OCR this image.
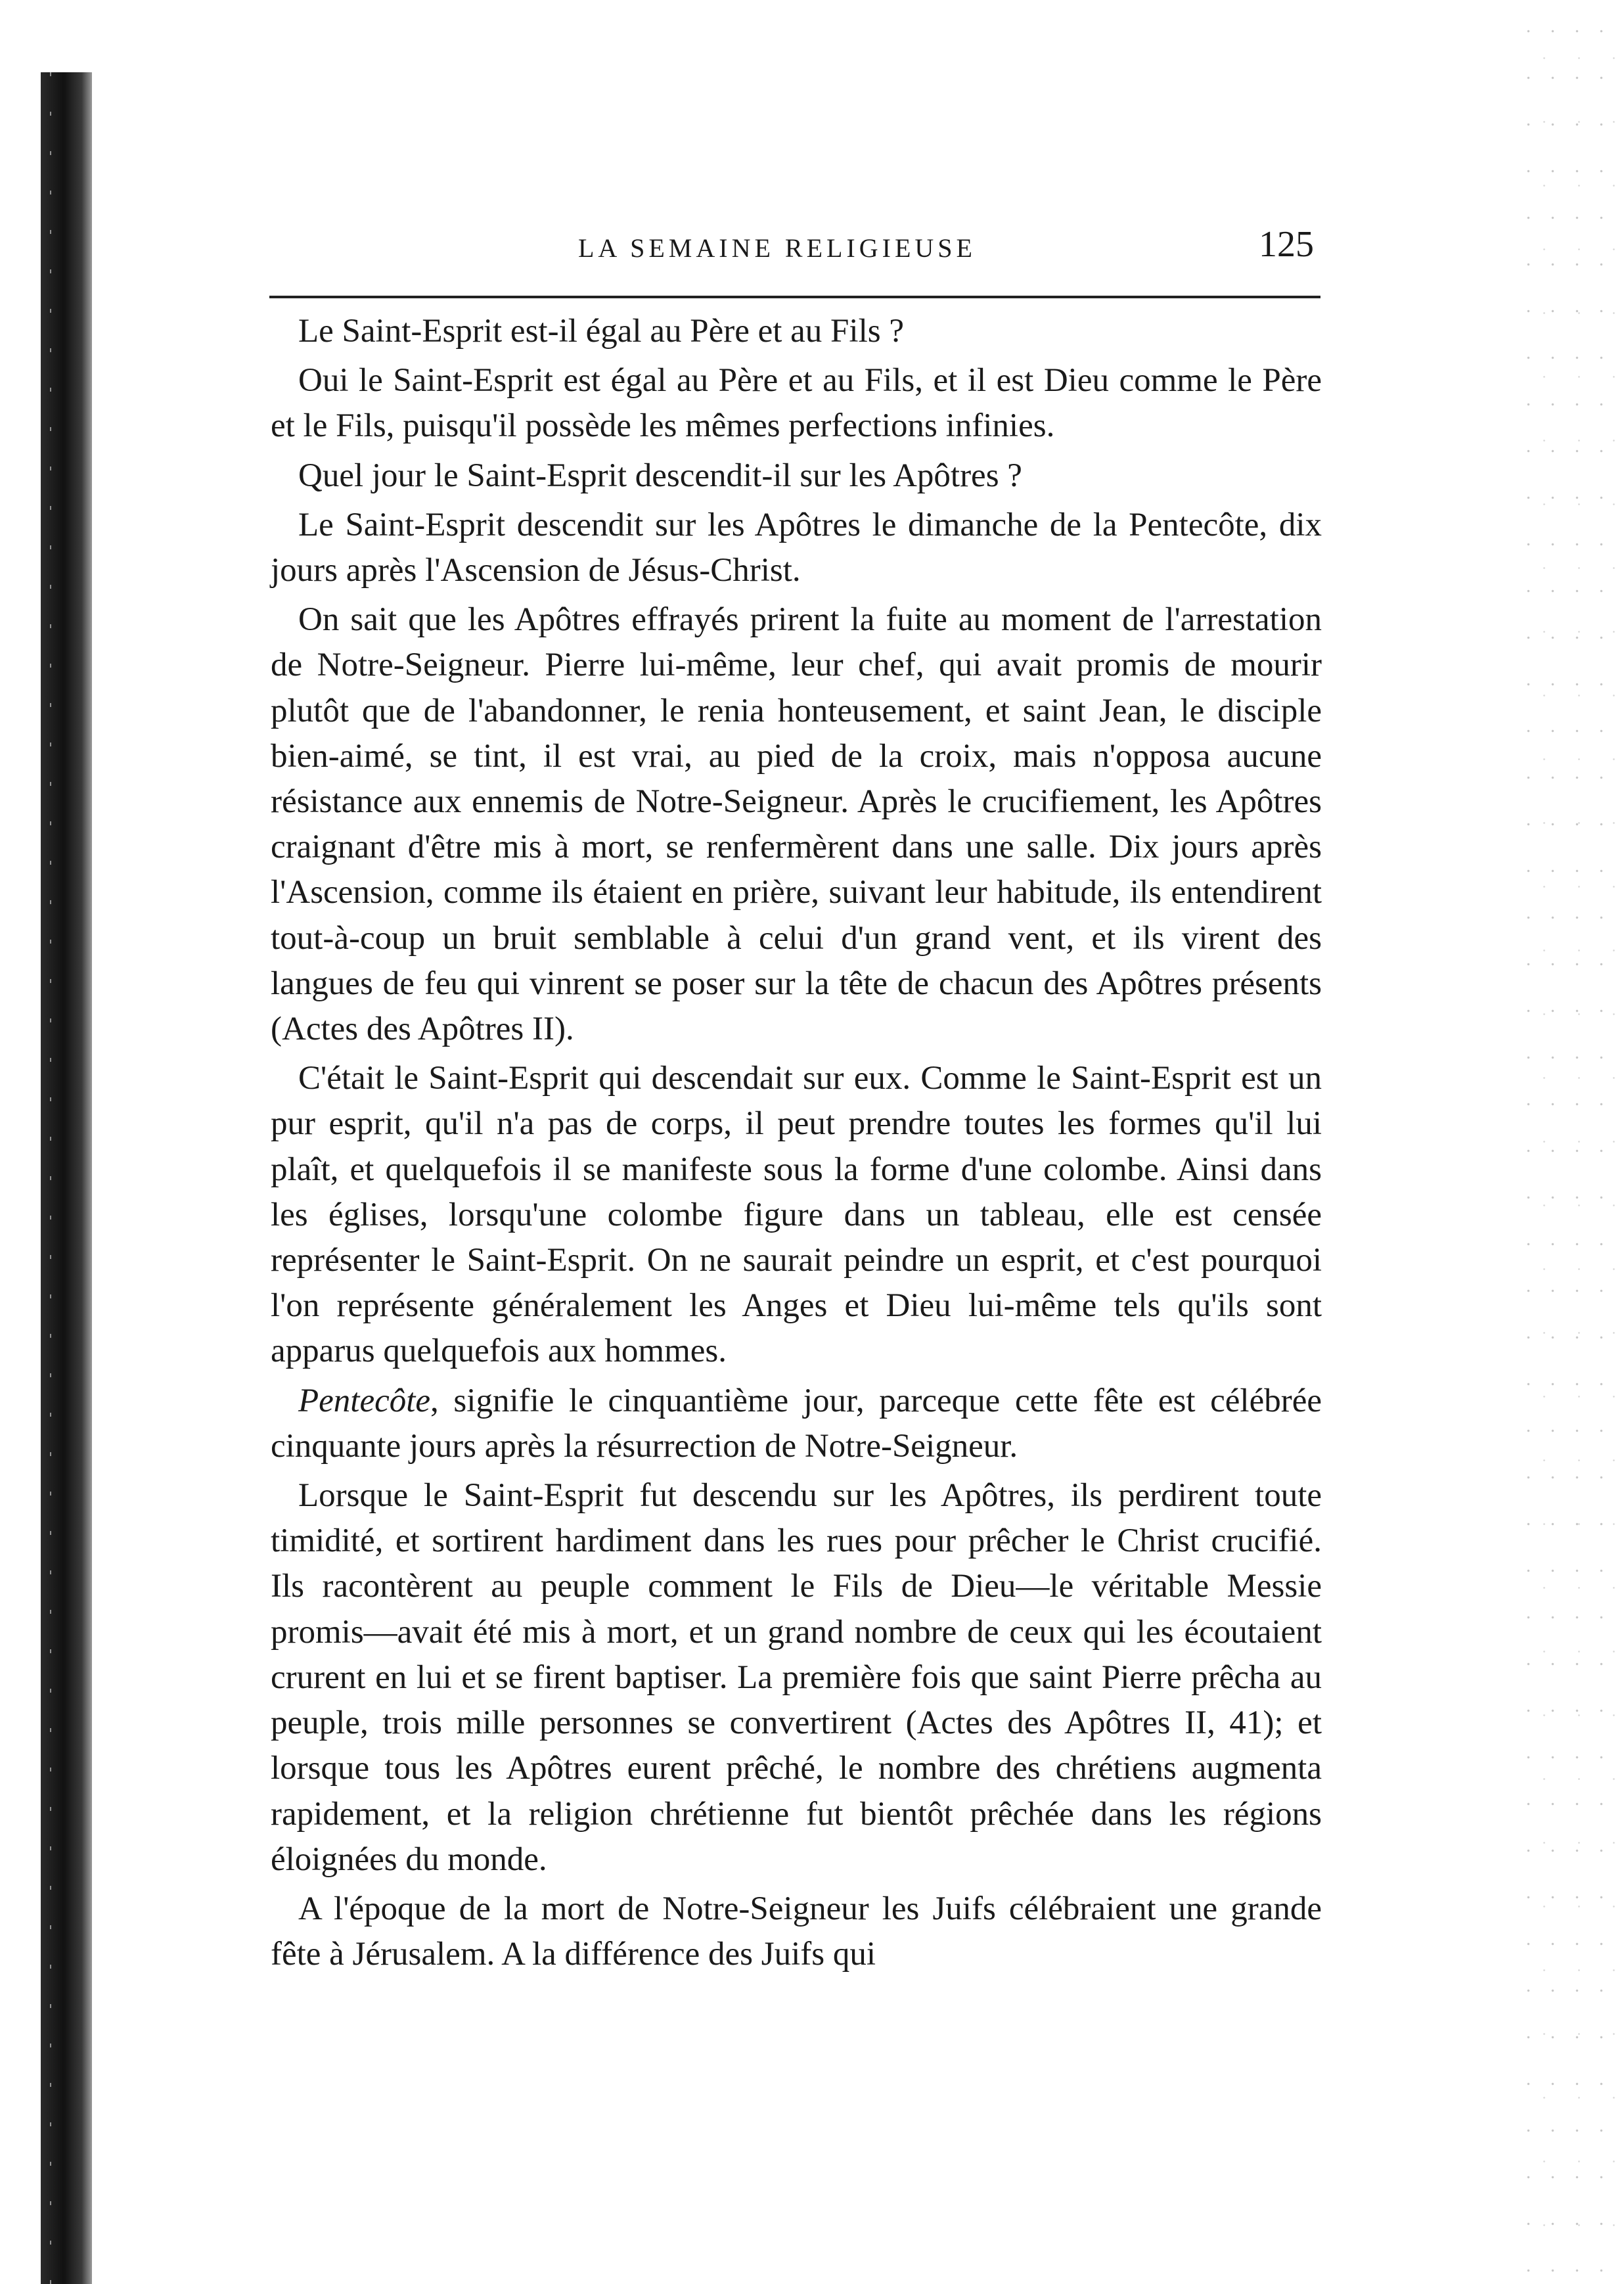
LA SEMAINE RELIGIEUSE	125

Le Saint-Esprit est-il égal au Père et au Fils ?

Oui le Saint-Esprit est égal au Père et au Fils, et il est Dieu comme le Père et le Fils, puisqu'il possède les mêmes perfections infinies.

Quel jour le Saint-Esprit descendit-il sur les Apôtres ?

Le Saint-Esprit descendit sur les Apôtres le dimanche de la Pentecôte, dix jours après l'Ascension de Jésus-Christ.

On sait que les Apôtres effrayés prirent la fuite au moment de l'arrestation de Notre-Seigneur. Pierre lui-même, leur chef, qui avait promis de mourir plutôt que de l'abandonner, le renia honteusement, et saint Jean, le disciple bien-aimé, se tint, il est vrai, au pied de la croix, mais n'opposa aucune résistance aux ennemis de Notre-Seigneur. Après le crucifiement, les Apôtres craignant d'être mis à mort, se renfermèrent dans une salle. Dix jours après l'Ascension, comme ils étaient en prière, suivant leur habitude, ils entendirent tout-à-coup un bruit semblable à celui d'un grand vent, et ils virent des langues de feu qui vinrent se poser sur la tête de chacun des Apôtres présents (Actes des Apôtres II).

C'était le Saint-Esprit qui descendait sur eux. Comme le Saint-Esprit est un pur esprit, qu'il n'a pas de corps, il peut prendre toutes les formes qu'il lui plaît, et quelquefois il se manifeste sous la forme d'une colombe. Ainsi dans les églises, lorsqu'une colombe figure dans un tableau, elle est censée représenter le Saint-Esprit. On ne saurait peindre un esprit, et c'est pourquoi l'on représente généralement les Anges et Dieu lui-même tels qu'ils sont apparus quelquefois aux hommes.

Pentecôte, signifie le cinquantième jour, parceque cette fête est célébrée cinquante jours après la résurrection de Notre-Seigneur.

Lorsque le Saint-Esprit fut descendu sur les Apôtres, ils perdirent toute timidité, et sortirent hardiment dans les rues pour prêcher le Christ crucifié. Ils racontèrent au peuple comment le Fils de Dieu—le véritable Messie promis—avait été mis à mort, et un grand nombre de ceux qui les écoutaient crurent en lui et se firent baptiser. La première fois que saint Pierre prêcha au peuple, trois mille personnes se convertirent (Actes des Apôtres II, 41); et lorsque tous les Apôtres eurent prêché, le nombre des chrétiens augmenta rapidement, et la religion chrétienne fut bientôt prêchée dans les régions éloignées du monde.

A l'époque de la mort de Notre-Seigneur les Juifs célébraient une grande fête à Jérusalem. A la différence des Juifs qui
